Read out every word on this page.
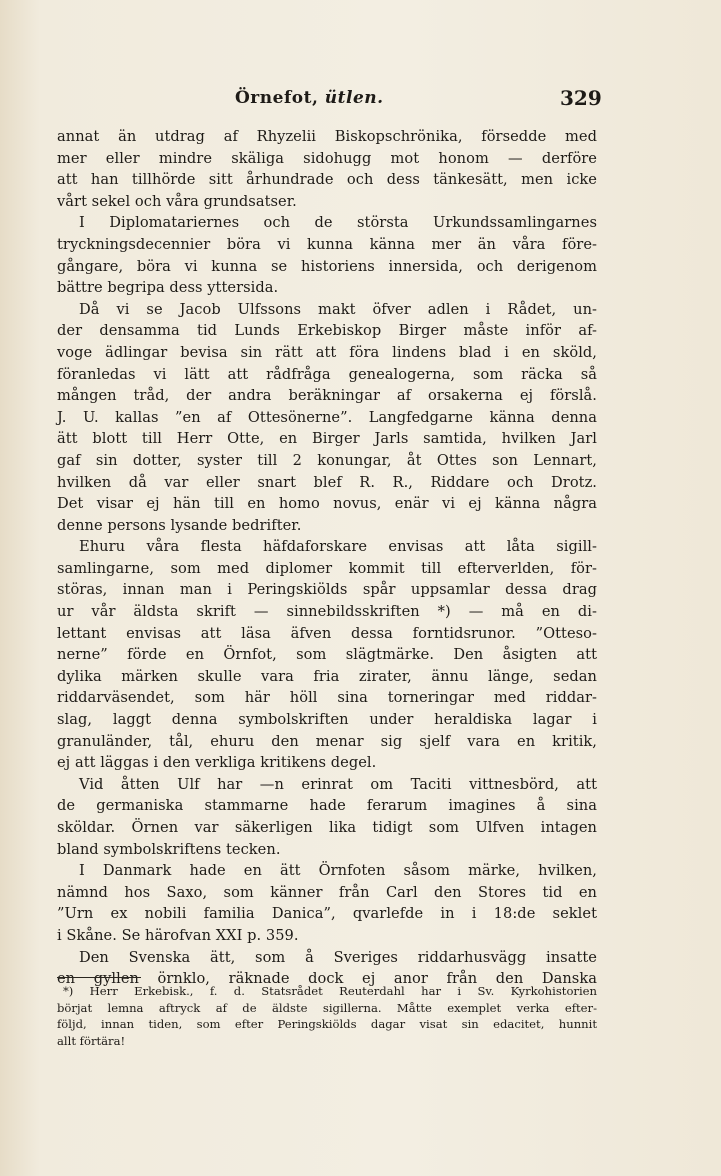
Örnefot, ütlen.	329
annat än utdrag af Rhyzelii Biskopschrönika, försedde med
mer eller mindre skäliga sidohugg mot honom — derföre
att han tillhörde sitt århundrade och dess tänkesätt, men icke
vårt sekel och våra grundsatser.
I Diplomatariernes och de största Urkundssamlingarnes
tryckningsdecennier böra vi kunna känna mer än våra före-
gångare, böra vi kunna se historiens innersida, och derigenom
bättre begripa dess yttersida.
Då vi se Jacob Ulfssons makt öfver adlen i Rådet, un-
der densamma tid Lunds Erkebiskop Birger måste inför af-
voge ädlingar bevisa sin rätt att föra lindens blad i en sköld,
föranledas vi lätt att rådfråga genealogerna, som räcka så
mången tråd, der andra beräkningar af orsakerna ej förslå.
J. U. kallas ”en af Ottesönerne”. Langfedgarne känna denna
ätt blott till Herr Otte, en Birger Jarls samtida, hvilken Jarl
gaf sin dotter, syster till 2 konungar, åt Ottes son Lennart,
hvilken då var eller snart blef R. R., Riddare och Drotz.
Det visar ej hän till en homo novus, enär vi ej känna några
denne persons lysande bedrifter.
Ehuru våra flesta häfdaforskare envisas att låta sigill-
samlingarne, som med diplomer kommit till efterverlden, för-
störas, innan man i Peringskiölds spår uppsamlar dessa drag
ur vår äldsta skrift — sinnebildsskriften *) — må en di-
lettant envisas att läsa äfven dessa forntidsrunor. ”Otteso-
nerne” förde en Örnfot, som slägtmärke. Den åsigten att
dylika märken skulle vara fria zirater, ännu länge, sedan
riddarväsendet, som här höll sina torneringar med riddar-
slag, laggt denna symbolskriften under heraldiska lagar i
granuländer, tål, ehuru den menar sig sjelf vara en kritik,
ej att läggas i den verkliga kritikens degel.
Vid åtten Ulf har —n erinrat om Taciti vittnesbörd, att
de germaniska stammarne hade ferarum imagines å sina
sköldar. Örnen var säkerligen lika tidigt som Ulfven intagen
bland symbolskriftens tecken.
I Danmark hade en ätt Örnfoten såsom märke, hvilken,
nämnd hos Saxo, som känner från Carl den Stores tid en
”Urn ex nobili familia Danica”, qvarlefde in i 18:de seklet
i Skåne. Se härofvan XXI p. 359.
Den Svenska ätt, som å Sveriges riddarhusvägg insatte
en gyllen örnklo, räknade dock ej anor från den Danska
*) Herr Erkebisk., f. d. Statsrådet Reuterdahl har i Sv. Kyrkohistorien
börjat lemna aftryck af de äldste sigillerna. Måtte exemplet verka efter-
följd, innan tiden, som efter Peringskiölds dagar visat sin edacitet, hunnit
allt förtära!
